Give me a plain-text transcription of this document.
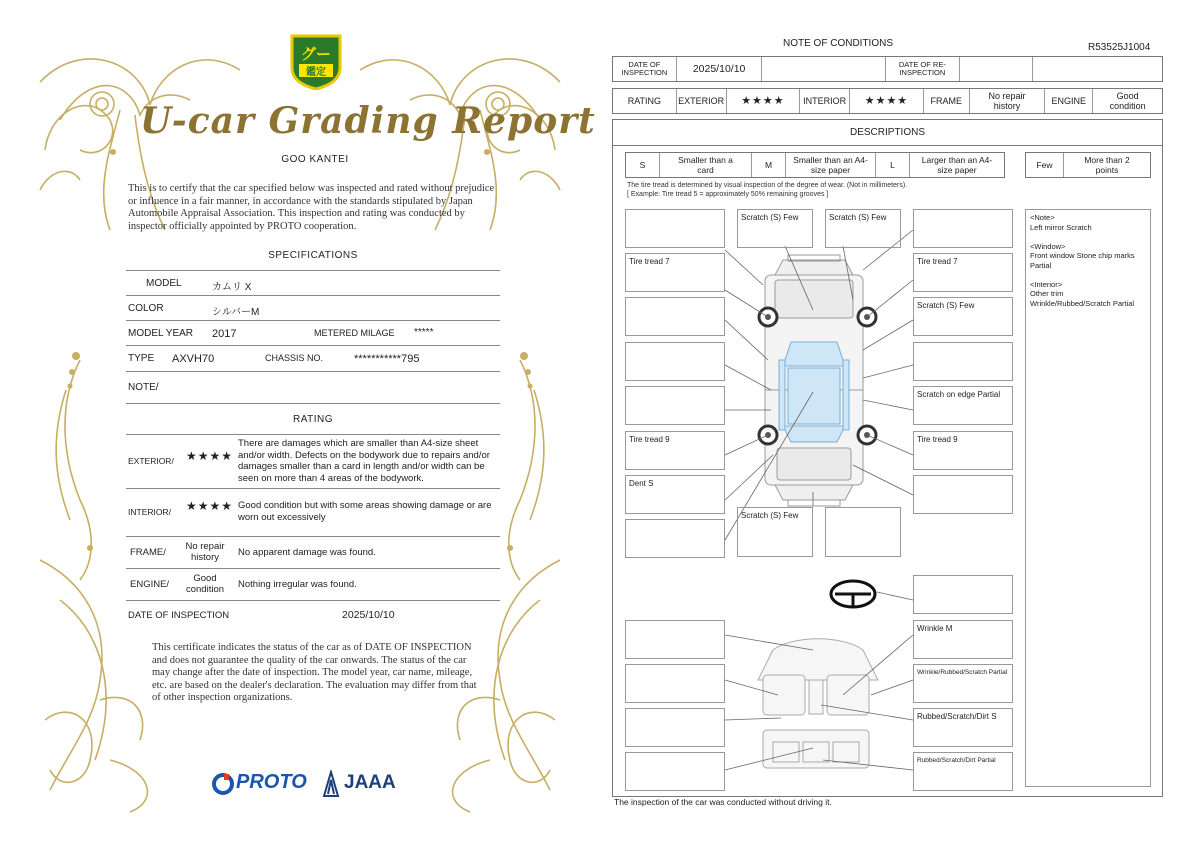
グー
鑑定
U-car Grading Report
GOO KANTEI
This is to certify that the car specified below was inspected and rated without prejudice or influence in a fair manner, in accordance with the standards stipulated by Japan Automobile Appraisal Association. This inspection and rating was conducted by inspector officially appointed by PROTO cooperation.
SPECIFICATIONS
MODEL	カムリ X
COLOR	シルバーM
MODEL YEAR 2017	METERED MILAGE *****
TYPE AXVH70	CHASSIS NO.	***********795
NOTE/
RATING
EXTERIOR/ ★★★★
There are damages which are smaller than A4-size sheet and/or width. Defects on the bodywork due to repairs and/or damages smaller than a card in length and/or width can be seen on more than 4 areas of the bodywork.
INTERIOR/ ★★★★ Good condition but with some areas showing damage or are worn out excessively
FRAME/
No repair history	No apparent damage was found.
ENGINE/
Good condition	Nothing irregular was found.
DATE OF INSPECTION	2025/10/10
This certificate indicates the status of the car as of DATE OF INSPECTION and does not guarantee the quality of the car onwards. The status of the car may change after the date of inspection. The model year, car name, mileage, etc. are based on the dealer's declaration. The evaluation may differ from that of other inspection organizations.
PROTO JAAA
NOTE OF CONDITIONS	R53525J1004
DATE OF INSPECTION	2025/10/10	DATE OF RE-INSPECTION
RATING	EXTERIOR	★★★★	INTERIOR	★★★★	FRAME	No repair history	ENGINE	Good condition
DESCRIPTIONS
S	Smaller than a card	M	Smaller than an A4-size paper	L	Larger than an A4-size paper	Few	More than 2 points
The tire tread is determined by visual inspection of the degree of wear. (Not in millimeters).
[ Example: Tire tread 5 = approximately 50% remaining grooves ]
Tire tread 7
Tire tread 9
Dent S
Scratch (S) Few	Scratch (S) Few
Scratch (S) Few
Tire tread 7
Scratch (S) Few
Scratch on edge Partial
Tire tread 9
Wrinkle M
Wrinkle/Rubbed/Scratch Partial
Rubbed/Scratch/Dirt S
Rubbed/Scratch/Dirt Partial

<Note>
Left mirror Scratch

<Window>
Front window Stone chip marks Partial

<Interior>
Other trim
Wrinkle/Rubbed/Scratch Partial

The inspection of the car was conducted without driving it.
